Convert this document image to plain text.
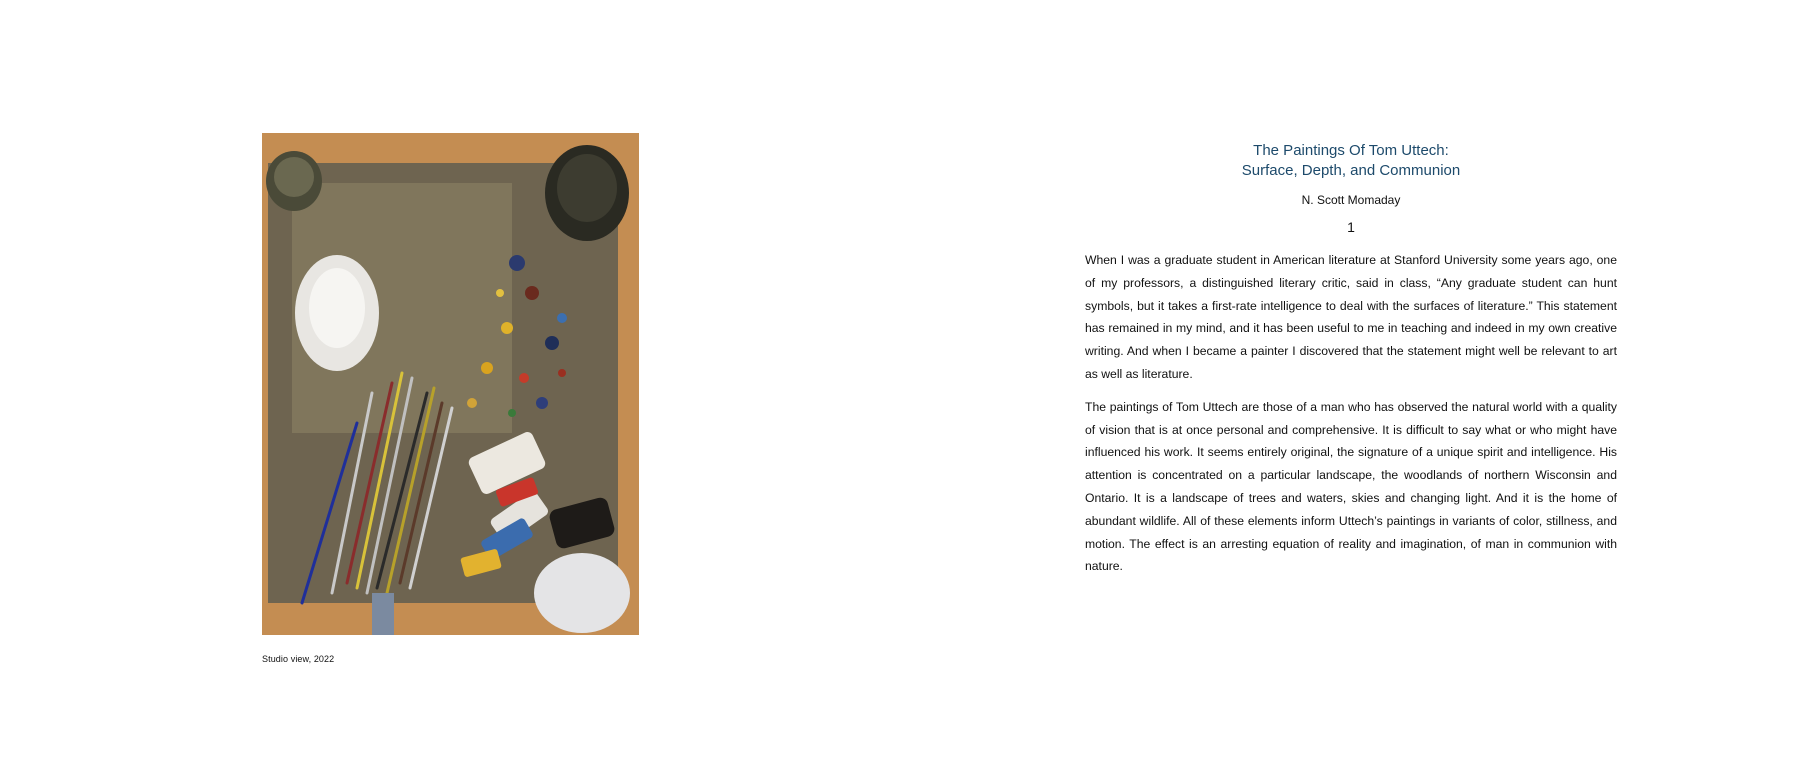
Studio view, 2022
The Paintings Of Tom Uttech:
Surface, Depth, and Communion
N. Scott Momaday
1

When I was a graduate student in American literature at Stanford University some years ago, one of my professors, a distinguished literary critic, said in class, “Any graduate student can hunt symbols, but it takes a first-rate intelligence to deal with the surfaces of literature.” This statement has remained in my mind, and it has been useful to me in teaching and indeed in my own creative writing. And when I became a painter I discovered that the statement might well be relevant to art as well as literature.

The paintings of Tom Uttech are those of a man who has observed the natural world with a quality of vision that is at once personal and comprehensive. It is difficult to say what or who might have influenced his work. It seems entirely original, the signature of a unique spirit and intelligence. His attention is concentrated on a particular landscape, the woodlands of northern Wisconsin and Ontario. It is a landscape of trees and waters, skies and changing light. And it is the home of abundant wildlife. All of these elements inform Uttech’s paintings in variants of color, stillness, and motion. The effect is an arresting equation of reality and imagination, of man in communion with nature.
